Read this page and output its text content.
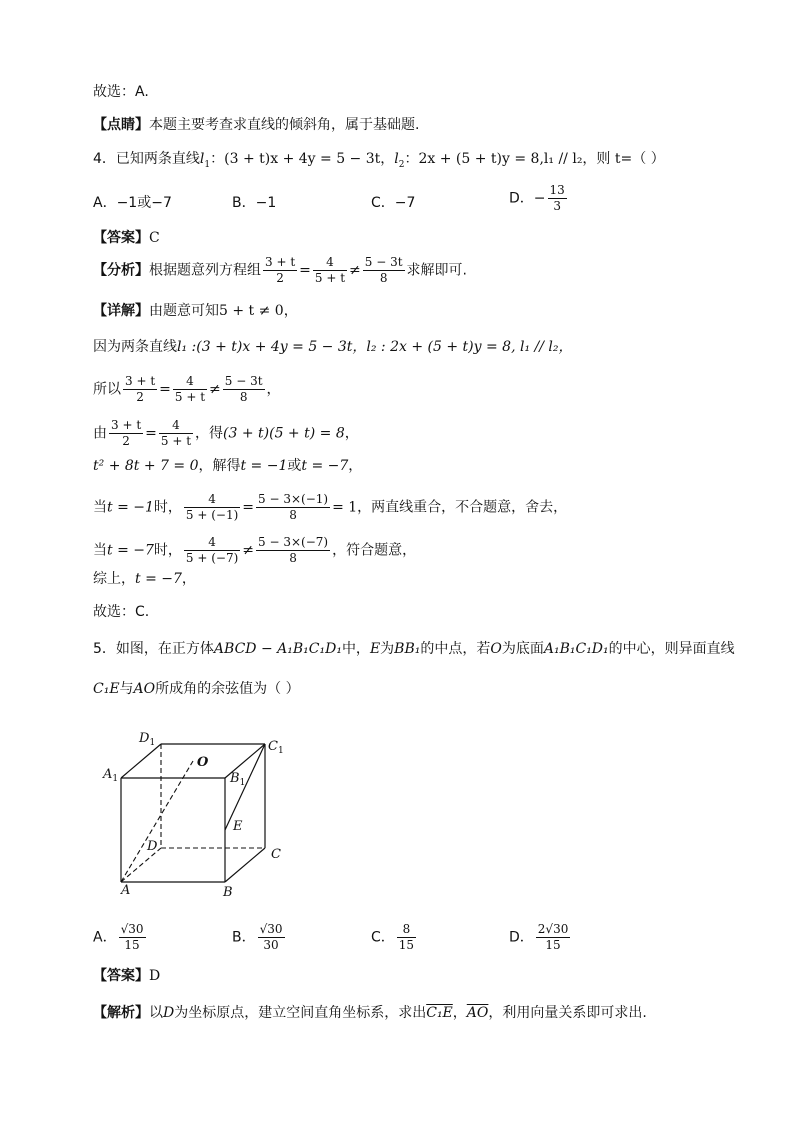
故选：A.
【点睛】本题主要考查求直线的倾斜角，属于基础题.
4．已知两条直线$l_1$：(3 + t)x + 4y = 5 − 3t，$l_2$：2x + (5 + t)y = 8,l₁ // l₂，则 t=（ ）
A．−1或−7	B．−1	C．−7	D．− $\frac{13}{3}$
【答案】C
【分析】根据题意列方程组 $\frac{3 + t}{2} = \frac{4}{5 + t} \ne \frac{5 - 3t}{8}$ 求解即可.
【详解】由题意可知5 + t ≠ 0，
因为两条直线l₁ :(3 + t)x + 4y = 5 − 3t，l₂ : 2x + (5 + t)y = 8, l₁ // l₂，
所以 $\frac{3 + t}{2} = \frac{4}{5 + t} \ne \frac{5 - 3t}{8}$ ，
由 $\frac{3 + t}{2} = \frac{4}{5 + t}$ ，得(3 + t)(5 + t) = 8，
t² + 8t + 7 = 0，解得t = −1或t = −7，
当t = −1时， $\frac{4}{5 + (-1)} = \frac{5 - 3\times(-1)}{8} = 1$，两直线重合，不合题意，舍去，
当t = −7时， $\frac{4}{5 + (-7)} \ne \frac{5 - 3\times(-7)}{8}$ ，符合题意，
综上，t = −7，
故选：C.
5．如图，在正方体ABCD − A₁B₁C₁D₁中，E为BB₁的中点，若O为底面A₁B₁C₁D₁的中心，则异面直线
C₁E与AO所成角的余弦值为（ ）
$D_1$	$C_1$
$A_1$	$B_1$
O
E
D
C
A	B
A． $\frac{√30}{15}$	B． $\frac{√30}{30}$	C． $\frac{8}{15}$	D． $\frac{2√30}{15}$
【答案】D
【解析】以D为坐标原点，建立空间直角坐标系，求出C₁E，$\overline{AO}$，利用向量关系即可求出.
